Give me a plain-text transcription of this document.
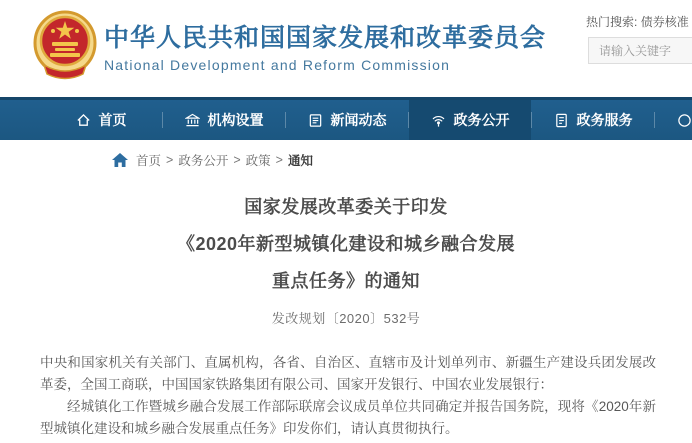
中华人民共和国国家发展和改革委员会
National Development and Reform Commission
热门搜索: 债券核准
请输入关键字
首页	机构设置	新闻动态	政务公开	政务服务
首页 > 政务公开 > 政策 > 通知
国家发展改革委关于印发
《2020年新型城镇化建设和城乡融合发展
重点任务》的通知
发改规划〔2020〕532号

中央和国家机关有关部门、直属机构，各省、自治区、直辖市及计划单列市、新疆生产建设兵团发展改革委，全国工商联，中国国家铁路集团有限公司、国家开发银行、中国农业发展银行：

经城镇化工作暨城乡融合发展工作部际联席会议成员单位共同确定并报告国务院，现将《2020年新型城镇化建设和城乡融合发展重点任务》印发你们，请认真贯彻执行。
